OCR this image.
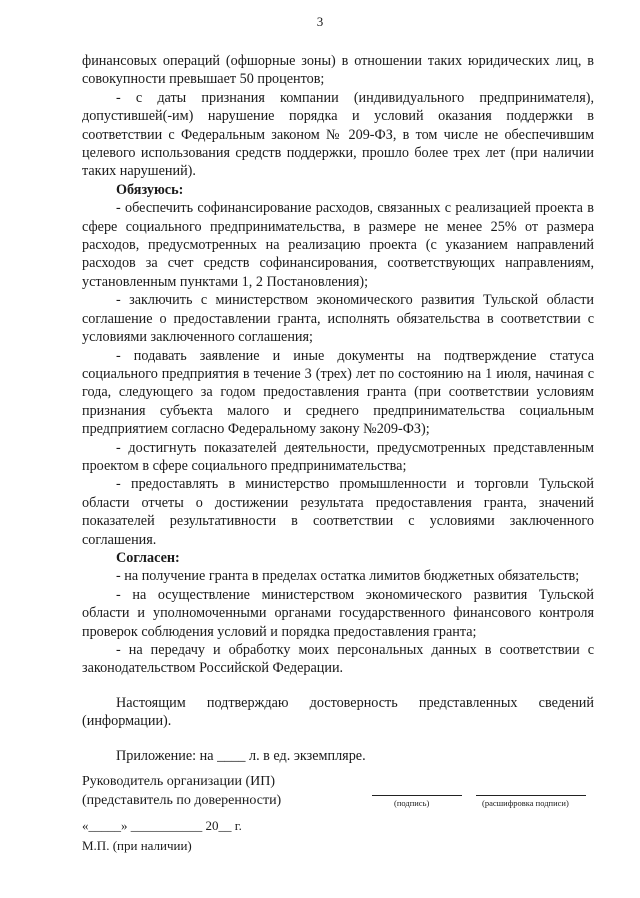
3

финансовых операций (офшорные зоны) в отношении таких юридических лиц, в совокупности превышает 50 процентов;

- с даты признания компании (индивидуального предпринимателя), допустившей(-им) нарушение порядка и условий оказания поддержки в соответствии с Федеральным законом № 209-ФЗ, в том числе не обеспечившим целевого использования средств поддержки, прошло более трех лет (при наличии таких нарушений).

Обязуюсь:

- обеспечить софинансирование расходов, связанных с реализацией проекта в сфере социального предпринимательства, в размере не менее 25% от размера расходов, предусмотренных на реализацию проекта (с указанием направлений расходов за счет средств софинансирования, соответствующих направлениям, установленным пунктами 1, 2 Постановления);

- заключить с министерством экономического развития Тульской области соглашение о предоставлении гранта, исполнять обязательства в соответствии с условиями заключенного соглашения;

- подавать заявление и иные документы на подтверждение статуса социального предприятия в течение 3 (трех) лет по состоянию на 1 июля, начиная с года, следующего за годом предоставления гранта (при соответствии условиям признания субъекта малого и среднего предпринимательства социальным предприятием согласно Федеральному закону №209-ФЗ);

- достигнуть показателей деятельности, предусмотренных представленным проектом в сфере социального предпринимательства;

- предоставлять в министерство промышленности и торговли Тульской области отчеты о достижении результата предоставления гранта, значений показателей результативности в соответствии с условиями заключенного соглашения.

Согласен:

- на получение гранта в пределах остатка лимитов бюджетных обязательств;

- на осуществление министерством экономического развития Тульской области и уполномоченными органами государственного финансового контроля проверок соблюдения условий и порядка предоставления гранта;

- на передачу и обработку моих персональных данных в соответствии с законодательством Российской Федерации.

Настоящим подтверждаю достоверность представленных сведений (информации).

Приложение: на ____ л. в ед. экземпляре.

Руководитель организации (ИП)
(представитель по доверенности)	(подпись)	(расшифровка подписи)
«_____» ___________ 20__ г.
М.П. (при наличии)
